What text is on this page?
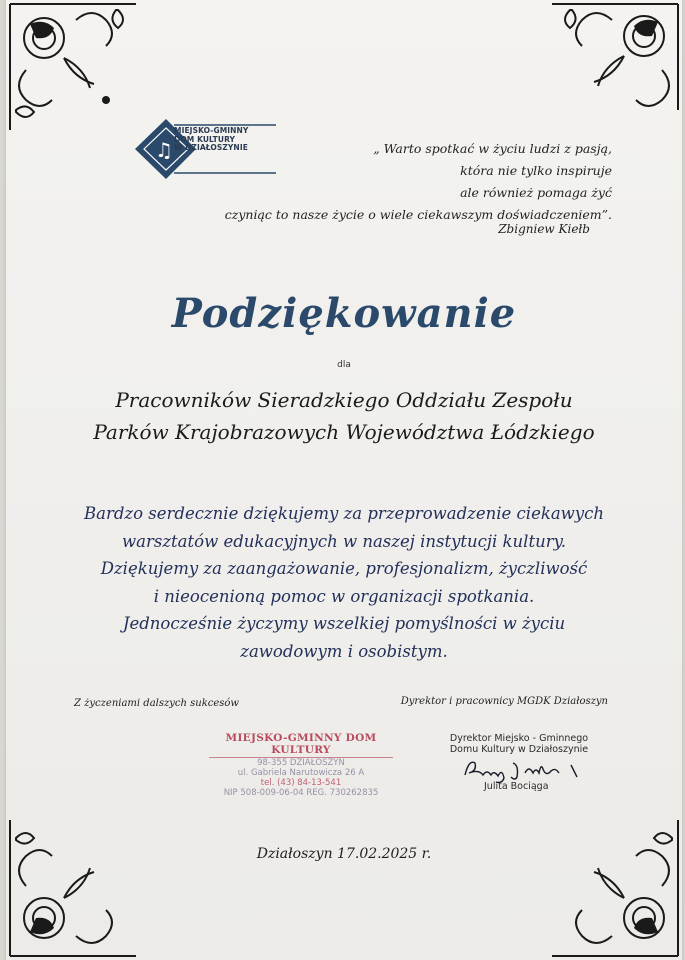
♫
MIEJSKO-GMINNY
DOM KULTURY
W DZIAŁOSZYNIE	„ Warto spotkać w życiu ludzi z pasją,
która nie tylko inspiruje
ale również pomaga żyć
czyniąc to nasze życie o wiele ciekawszym doświadczeniem”.
Zbigniew Kiełb
Podziękowanie
dla
Pracowników Sieradzkiego Oddziału Zespołu
Parków Krajobrazowych Województwa Łódzkiego
Bardzo serdecznie dziękujemy za przeprowadzenie ciekawych
warsztatów edukacyjnych w naszej instytucji kultury.
Dziękujemy za zaangażowanie, profesjonalizm, życzliwość
i nieocenioną pomoc w organizacji spotkania.
Jednocześnie życzymy wszelkiej pomyślności w życiu
zawodowym i osobistym.
Z życzeniami dalszych sukcesów	Dyrektor i pracownicy MGDK Działoszyn
MIEJSKO-GMINNY DOM KULTURY
98-355 DZIAŁOSZYN
ul. Gabriela Narutowicza 26 A
tel. (43) 84-13-541
NIP 508-009-06-04 REG. 730262835
Dyrektor Miejsko - Gminnego
Domu Kultury w Działoszynie
Julita Bociąga
Działoszyn 17.02.2025 r.
